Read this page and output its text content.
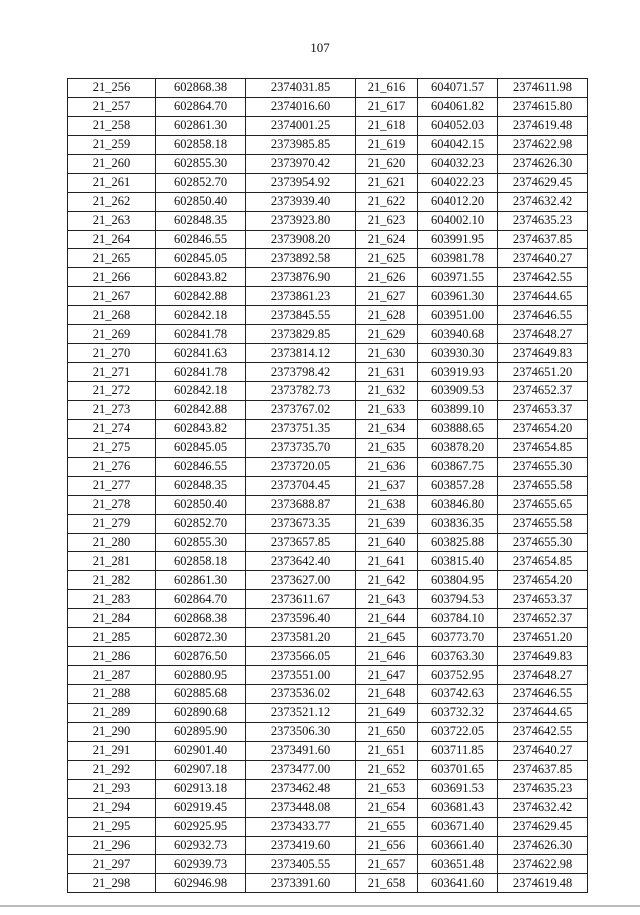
107
21_256	602868.38	2374031.85	21_616	604071.57	2374611.98
21_257	602864.70	2374016.60	21_617	604061.82	2374615.80
21_258	602861.30	2374001.25	21_618	604052.03	2374619.48
21_259	602858.18	2373985.85	21_619	604042.15	2374622.98
21_260	602855.30	2373970.42	21_620	604032.23	2374626.30
21_261	602852.70	2373954.92	21_621	604022.23	2374629.45
21_262	602850.40	2373939.40	21_622	604012.20	2374632.42
21_263	602848.35	2373923.80	21_623	604002.10	2374635.23
21_264	602846.55	2373908.20	21_624	603991.95	2374637.85
21_265	602845.05	2373892.58	21_625	603981.78	2374640.27
21_266	602843.82	2373876.90	21_626	603971.55	2374642.55
21_267	602842.88	2373861.23	21_627	603961.30	2374644.65
21_268	602842.18	2373845.55	21_628	603951.00	2374646.55
21_269	602841.78	2373829.85	21_629	603940.68	2374648.27
21_270	602841.63	2373814.12	21_630	603930.30	2374649.83
21_271	602841.78	2373798.42	21_631	603919.93	2374651.20
21_272	602842.18	2373782.73	21_632	603909.53	2374652.37
21_273	602842.88	2373767.02	21_633	603899.10	2374653.37
21_274	602843.82	2373751.35	21_634	603888.65	2374654.20
21_275	602845.05	2373735.70	21_635	603878.20	2374654.85
21_276	602846.55	2373720.05	21_636	603867.75	2374655.30
21_277	602848.35	2373704.45	21_637	603857.28	2374655.58
21_278	602850.40	2373688.87	21_638	603846.80	2374655.65
21_279	602852.70	2373673.35	21_639	603836.35	2374655.58
21_280	602855.30	2373657.85	21_640	603825.88	2374655.30
21_281	602858.18	2373642.40	21_641	603815.40	2374654.85
21_282	602861.30	2373627.00	21_642	603804.95	2374654.20
21_283	602864.70	2373611.67	21_643	603794.53	2374653.37
21_284	602868.38	2373596.40	21_644	603784.10	2374652.37
21_285	602872.30	2373581.20	21_645	603773.70	2374651.20
21_286	602876.50	2373566.05	21_646	603763.30	2374649.83
21_287	602880.95	2373551.00	21_647	603752.95	2374648.27
21_288	602885.68	2373536.02	21_648	603742.63	2374646.55
21_289	602890.68	2373521.12	21_649	603732.32	2374644.65
21_290	602895.90	2373506.30	21_650	603722.05	2374642.55
21_291	602901.40	2373491.60	21_651	603711.85	2374640.27
21_292	602907.18	2373477.00	21_652	603701.65	2374637.85
21_293	602913.18	2373462.48	21_653	603691.53	2374635.23
21_294	602919.45	2373448.08	21_654	603681.43	2374632.42
21_295	602925.95	2373433.77	21_655	603671.40	2374629.45
21_296	602932.73	2373419.60	21_656	603661.40	2374626.30
21_297	602939.73	2373405.55	21_657	603651.48	2374622.98
21_298	602946.98	2373391.60	21_658	603641.60	2374619.48
